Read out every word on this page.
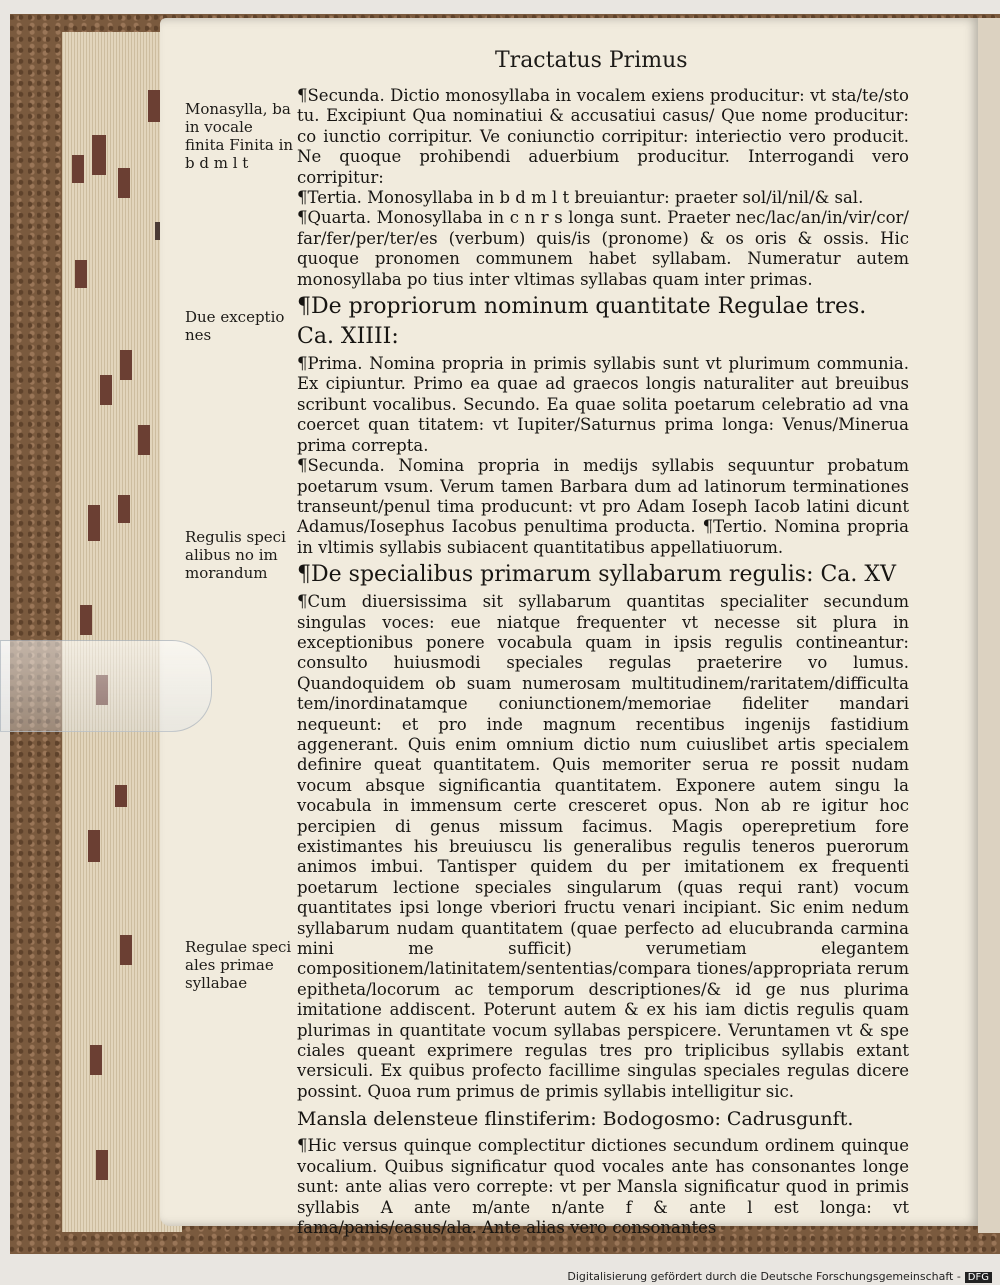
Tractatus Primus
Monasylla, ba in vocale finita Finita in b d m l t
Due exceptio nes
Regulis speci alibus no im morandum
Regulae speci ales primae syllabae

¶Secunda. Dictio monosyllaba in vocalem exiens producitur: vt sta/te/sto tu. Excipiunt Qua nominatiui & accusatiui casus/ Que nome producitur: co iunctio corripitur. Ve coniunctio corripitur: interiectio vero producit. Ne quoque prohibendi aduerbium producitur. Interrogandi vero corripitur:

¶Tertia. Monosyllaba in b d m l t breuiantur: praeter sol/il/nil/& sal.

¶Quarta. Monosyllaba in c n r s longa sunt. Praeter nec/lac/an/in/vir/cor/ far/fer/per/ter/es (verbum) quis/is (pronome) & os oris & ossis. Hic quoque pronomen communem habet syllabam. Numeratur autem monosyllaba po tius inter vltimas syllabas quam inter primas.

¶De propriorum nominum quantitate Regulae tres. Ca. XIIII:

¶Prima. Nomina propria in primis syllabis sunt vt plurimum communia. Ex cipiuntur. Primo ea quae ad graecos longis naturaliter aut breuibus scribunt vocalibus. Secundo. Ea quae solita poetarum celebratio ad vna coercet quan titatem: vt Iupiter/Saturnus prima longa: Venus/Minerua prima correpta.

¶Secunda. Nomina propria in medijs syllabis sequuntur probatum poetarum vsum. Verum tamen Barbara dum ad latinorum terminationes transeunt/penul tima producunt: vt pro Adam Ioseph Iacob latini dicunt Adamus/Iosephus Iacobus penultima producta. ¶Tertio. Nomina propria in vltimis syllabis subiacent quantitatibus appellatiuorum.

¶De specialibus primarum syllabarum regulis: Ca. XV

¶Cum diuersissima sit syllabarum quantitas specialiter secundum singulas voces: eue niatque frequenter vt necesse sit plura in exceptionibus ponere vocabula quam in ipsis regulis contineantur: consulto huiusmodi speciales regulas praeterire vo lumus. Quandoquidem ob suam numerosam multitudinem/raritatem/difficulta tem/inordinatamque coniunctionem/memoriae fideliter mandari nequeunt: et pro inde magnum recentibus ingenijs fastidium aggenerant. Quis enim omnium dictio num cuiuslibet artis specialem definire queat quantitatem. Quis memoriter serua re possit nudam vocum absque significantia quantitatem. Exponere autem singu la vocabula in immensum certe cresceret opus. Non ab re igitur hoc percipien di genus missum facimus. Magis operepretium fore existimantes his breuiuscu lis generalibus regulis teneros puerorum animos imbui. Tantisper quidem du per imitationem ex frequenti poetarum lectione speciales singularum (quas requi rant) vocum quantitates ipsi longe vberiori fructu venari incipiant. Sic enim nedum syllabarum nudam quantitatem (quae perfecto ad elucubranda carmina mini me sufficit) verumetiam elegantem compositionem/latinitatem/sententias/compara tiones/appropriata rerum epitheta/locorum ac temporum descriptiones/& id ge nus plurima imitatione addiscent. Poterunt autem & ex his iam dictis regulis quam plurimas in quantitate vocum syllabas perspicere. Veruntamen vt & spe ciales queant exprimere regulas tres pro triplicibus syllabis extant versiculi. Ex quibus profecto facillime singulas speciales regulas dicere possint. Quoa rum primus de primis syllabis intelligitur sic.

Mansla delensteue flinstiferim: Bodogosmo: Cadrusgunft.

¶Hic versus quinque complectitur dictiones secundum ordinem quinque vocalium. Quibus significatur quod vocales ante has consonantes longe sunt: ante alias vero correpte: vt per Mansla significatur quod in primis syllabis A ante m/ante n/ante f & ante l est longa: vt fama/panis/casus/ala. Ante alias vero consonantes

Digitalisierung gefördert durch die Deutsche Forschungsgemeinschaft - DFG
